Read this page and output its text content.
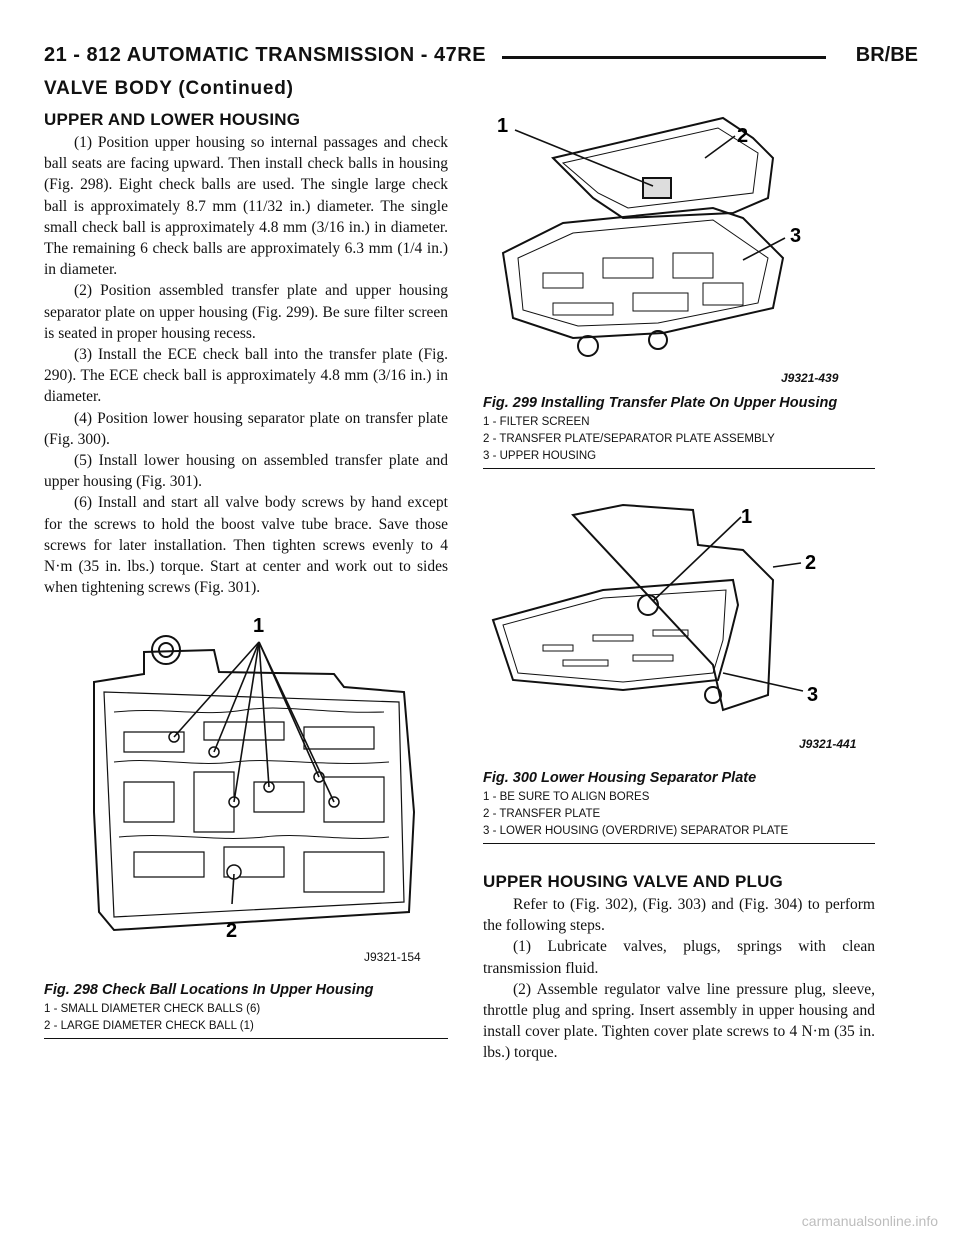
21 - 812 AUTOMATIC TRANSMISSION - 47RE	BR/BE
VALVE BODY (Continued)
UPPER AND LOWER HOUSING

(1) Position upper housing so internal passages and check ball seats are facing upward. Then install check balls in housing (Fig. 298). Eight check balls are used. The single large check ball is approximately 8.7 mm (11/32 in.) diameter. The single small check ball is approximately 4.8 mm (3/16 in.) in diameter. The remaining 6 check balls are approximately 6.3 mm (1/4 in.) in diameter.

(2) Position assembled transfer plate and upper housing separator plate on upper housing (Fig. 299). Be sure filter screen is seated in proper housing recess.

(3) Install the ECE check ball into the transfer plate (Fig. 290). The ECE check ball is approximately 4.8 mm (3/16 in.) in diameter.

(4) Position lower housing separator plate on transfer plate (Fig. 300).

(5) Install lower housing on assembled transfer plate and upper housing (Fig. 301).

(6) Install and start all valve body screws by hand except for the screws to hold the boost valve tube brace. Save those screws for later installation. Then tighten screws evenly to 4 N·m (35 in. lbs.) torque. Start at center and work out to sides when tightening screws (Fig. 301).

1
2
J9321-154
Fig. 298 Check Ball Locations In Upper Housing
1 - SMALL DIAMETER CHECK BALLS (6)
2 - LARGE DIAMETER CHECK BALL (1)
1	2
3
J9321-439
Fig. 299 Installing Transfer Plate On Upper Housing
1 - FILTER SCREEN
2 - TRANSFER PLATE/SEPARATOR PLATE ASSEMBLY
3 - UPPER HOUSING
1
2
3
J9321-441
Fig. 300 Lower Housing Separator Plate
1 - BE SURE TO ALIGN BORES
2 - TRANSFER PLATE
3 - LOWER HOUSING (OVERDRIVE) SEPARATOR PLATE
UPPER HOUSING VALVE AND PLUG

Refer to (Fig. 302), (Fig. 303) and (Fig. 304) to perform the following steps.

(1) Lubricate valves, plugs, springs with clean transmission fluid.

(2) Assemble regulator valve line pressure plug, sleeve, throttle plug and spring. Insert assembly in upper housing and install cover plate. Tighten cover plate screws to 4 N·m (35 in. lbs.) torque.

carmanualsonline.info
